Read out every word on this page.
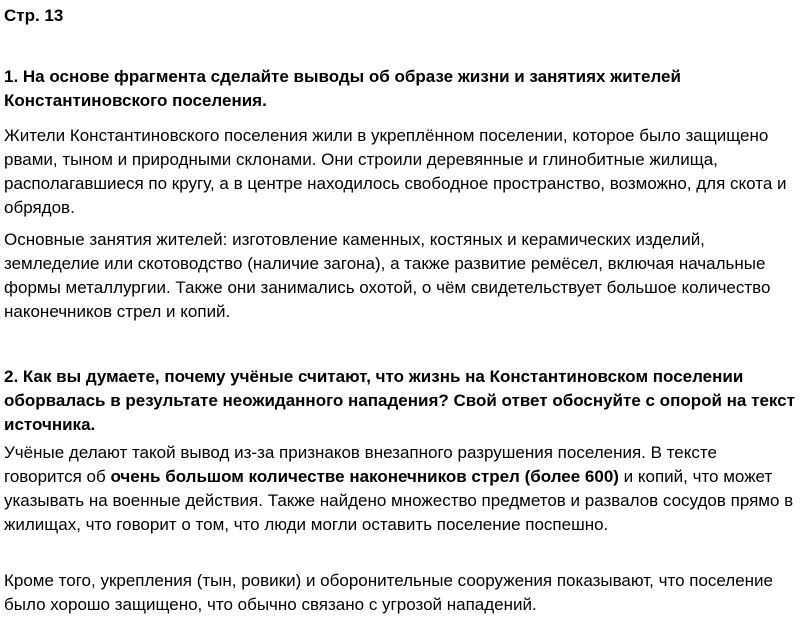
Стр. 13

1. На основе фрагмента сделайте выводы об образе жизни и занятиях жителей Константиновского поселения.

Жители Константиновского поселения жили в укреплённом поселении, которое было защищено рвами, тыном и природными склонами. Они строили деревянные и глинобитные жилища, располагавшиеся по кругу, а в центре находилось свободное пространство, возможно, для скота и обрядов.

Основные занятия жителей: изготовление каменных, костяных и керамических изделий, земледелие или скотоводство (наличие загона), а также развитие ремёсел, включая начальные формы металлургии. Также они занимались охотой, о чём свидетельствует большое количество наконечников стрел и копий.

2. Как вы думаете, почему учёные считают, что жизнь на Константиновском поселении оборвалась в результате неожиданного нападения? Свой ответ обоснуйте с опорой на текст источника.

Учёные делают такой вывод из-за признаков внезапного разрушения поселения. В тексте говорится об очень большом количестве наконечников стрел (более 600) и копий, что может указывать на военные действия. Также найдено множество предметов и развалов сосудов прямо в жилищах, что говорит о том, что люди могли оставить поселение поспешно.

Кроме того, укрепления (тын, ровики) и оборонительные сооружения показывают, что поселение было хорошо защищено, что обычно связано с угрозой нападений.
